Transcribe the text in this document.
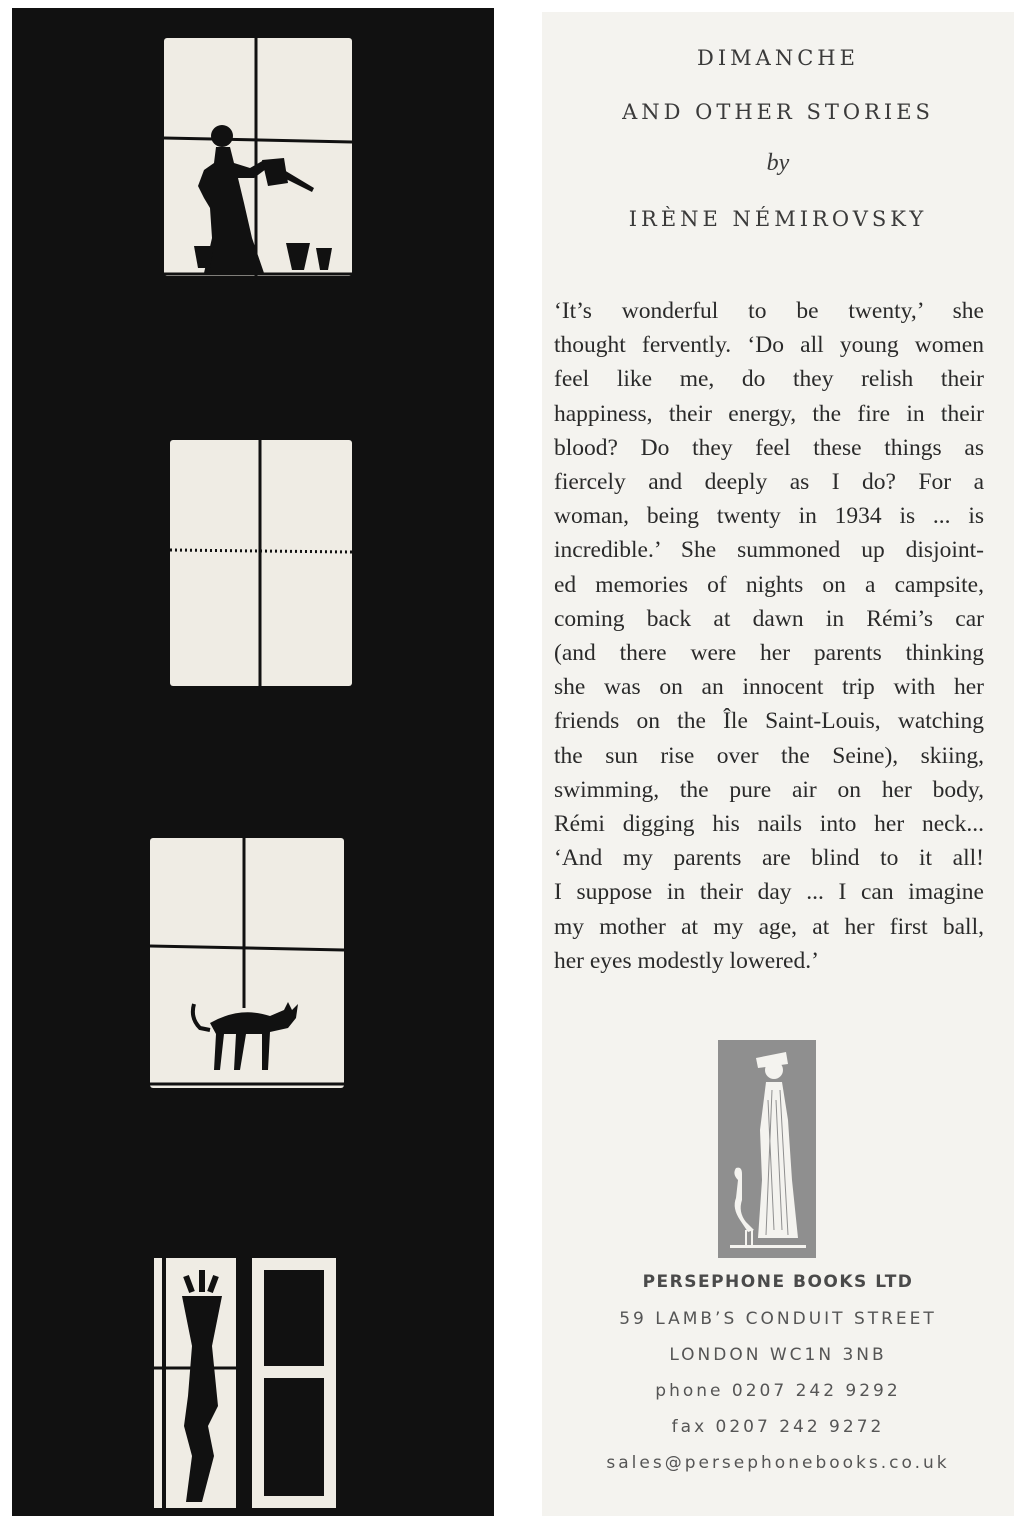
DIMANCHE
AND OTHER STORIES
by
IRÈNE NÉMIROVSKY
‘It’s wonderful to be twenty,’ she
thought fervently. ‘Do all young women
feel like me, do they relish their
happiness, their energy, the fire in their
blood? Do they feel these things as
fiercely and deeply as I do? For a
woman, being twenty in 1934 is ... is
incredible.’ She summoned up disjoint-
ed memories of nights on a campsite,
coming back at dawn in Rémi’s car
(and there were her parents thinking
she was on an innocent trip with her
friends on the Île Saint-Louis, watching
the sun rise over the Seine), skiing,
swimming, the pure air on her body,
Rémi digging his nails into her neck...
‘And my parents are blind to it all!
I suppose in their day ... I can imagine
my mother at my age, at her first ball,
her eyes modestly lowered.’
PERSEPHONE BOOKS LTD
59 LAMB’S CONDUIT STREET
LONDON WC1N 3NB
phone 0207 242 9292
fax 0207 242 9272
sales@persephonebooks.co.uk
